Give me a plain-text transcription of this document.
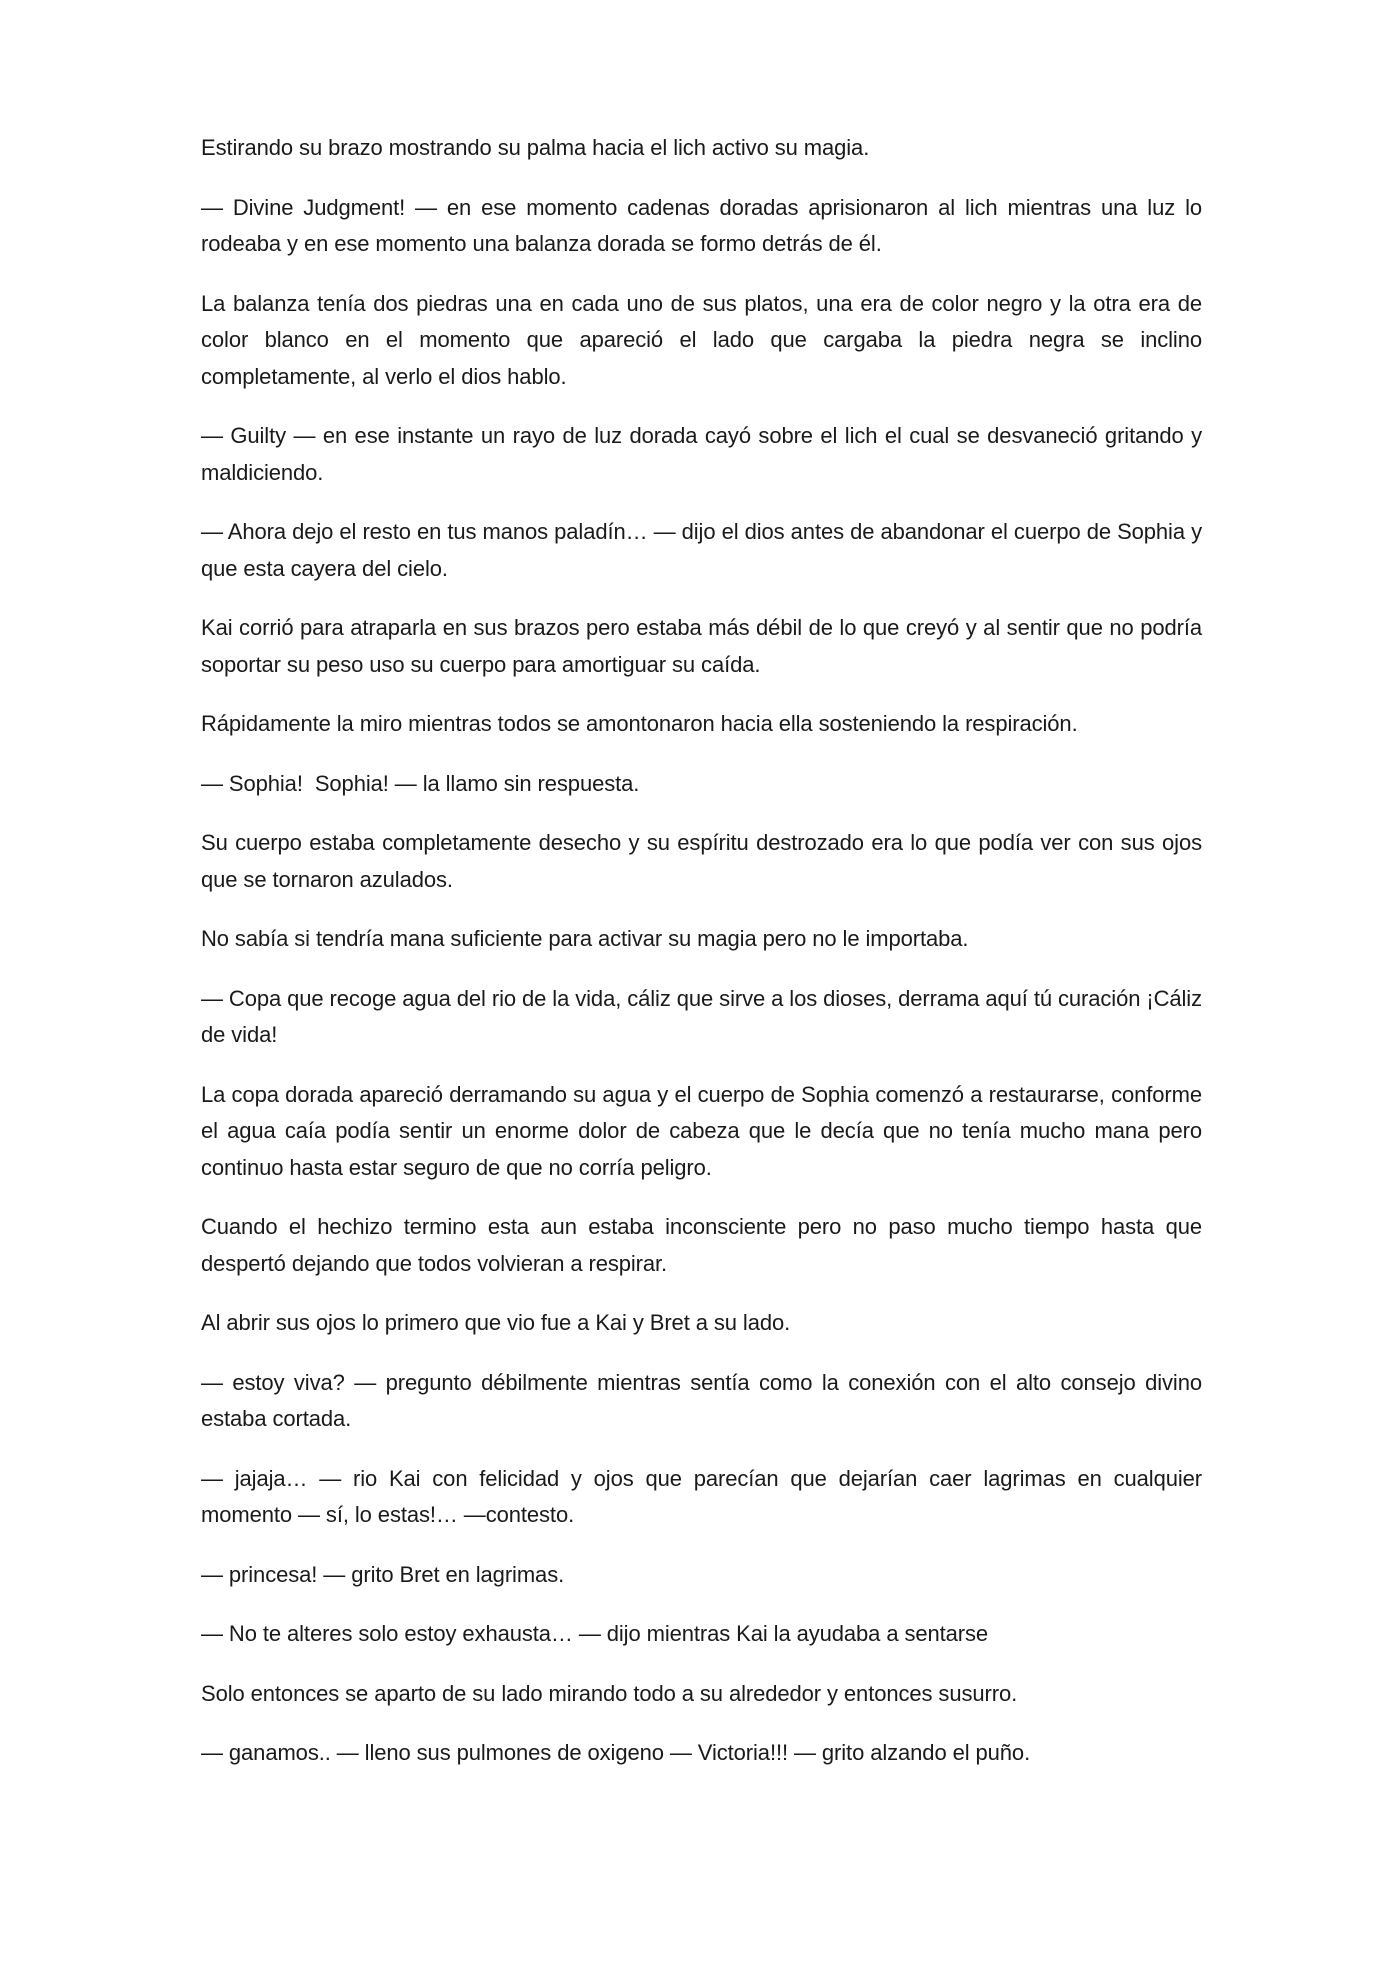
Estirando su brazo mostrando su palma hacia el lich activo su magia.

— Divine Judgment! — en ese momento cadenas doradas aprisionaron al lich mientras una luz lo rodeaba y en ese momento una balanza dorada se formo detrás de él.

La balanza tenía dos piedras una en cada uno de sus platos, una era de color negro y la otra era de color blanco en el momento que apareció el lado que cargaba la piedra negra se inclino completamente, al verlo el dios hablo.

— Guilty — en ese instante un rayo de luz dorada cayó sobre el lich el cual se desvaneció gritando y maldiciendo.

— Ahora dejo el resto en tus manos paladín… — dijo el dios antes de abandonar el cuerpo de Sophia y que esta cayera del cielo.

Kai corrió para atraparla en sus brazos pero estaba más débil de lo que creyó y al sentir que no podría soportar su peso uso su cuerpo para amortiguar su caída.

Rápidamente la miro mientras todos se amontonaron hacia ella sosteniendo la respiración.

— Sophia!  Sophia! — la llamo sin respuesta.

Su cuerpo estaba completamente desecho y su espíritu destrozado era lo que podía ver con sus ojos que se tornaron azulados.

No sabía si tendría mana suficiente para activar su magia pero no le importaba.

— Copa que recoge agua del rio de la vida, cáliz que sirve a los dioses, derrama aquí tú curación ¡Cáliz de vida!

La copa dorada apareció derramando su agua y el cuerpo de Sophia comenzó a restaurarse, conforme el agua caía podía sentir un enorme dolor de cabeza que le decía que no tenía mucho mana pero continuo hasta estar seguro de que no corría peligro.

Cuando el hechizo termino esta aun estaba inconsciente pero no paso mucho tiempo hasta que despertó dejando que todos volvieran a respirar.

Al abrir sus ojos lo primero que vio fue a Kai y Bret a su lado.

— estoy viva? — pregunto débilmente mientras sentía como la conexión con el alto consejo divino estaba cortada.

— jajaja… — rio Kai con felicidad y ojos que parecían que dejarían caer lagrimas en cualquier momento — sí, lo estas!… —contesto.

— princesa! — grito Bret en lagrimas.

— No te alteres solo estoy exhausta… — dijo mientras Kai la ayudaba a sentarse

Solo entonces se aparto de su lado mirando todo a su alrededor y entonces susurro.

— ganamos.. — lleno sus pulmones de oxigeno — Victoria!!! — grito alzando el puño.
